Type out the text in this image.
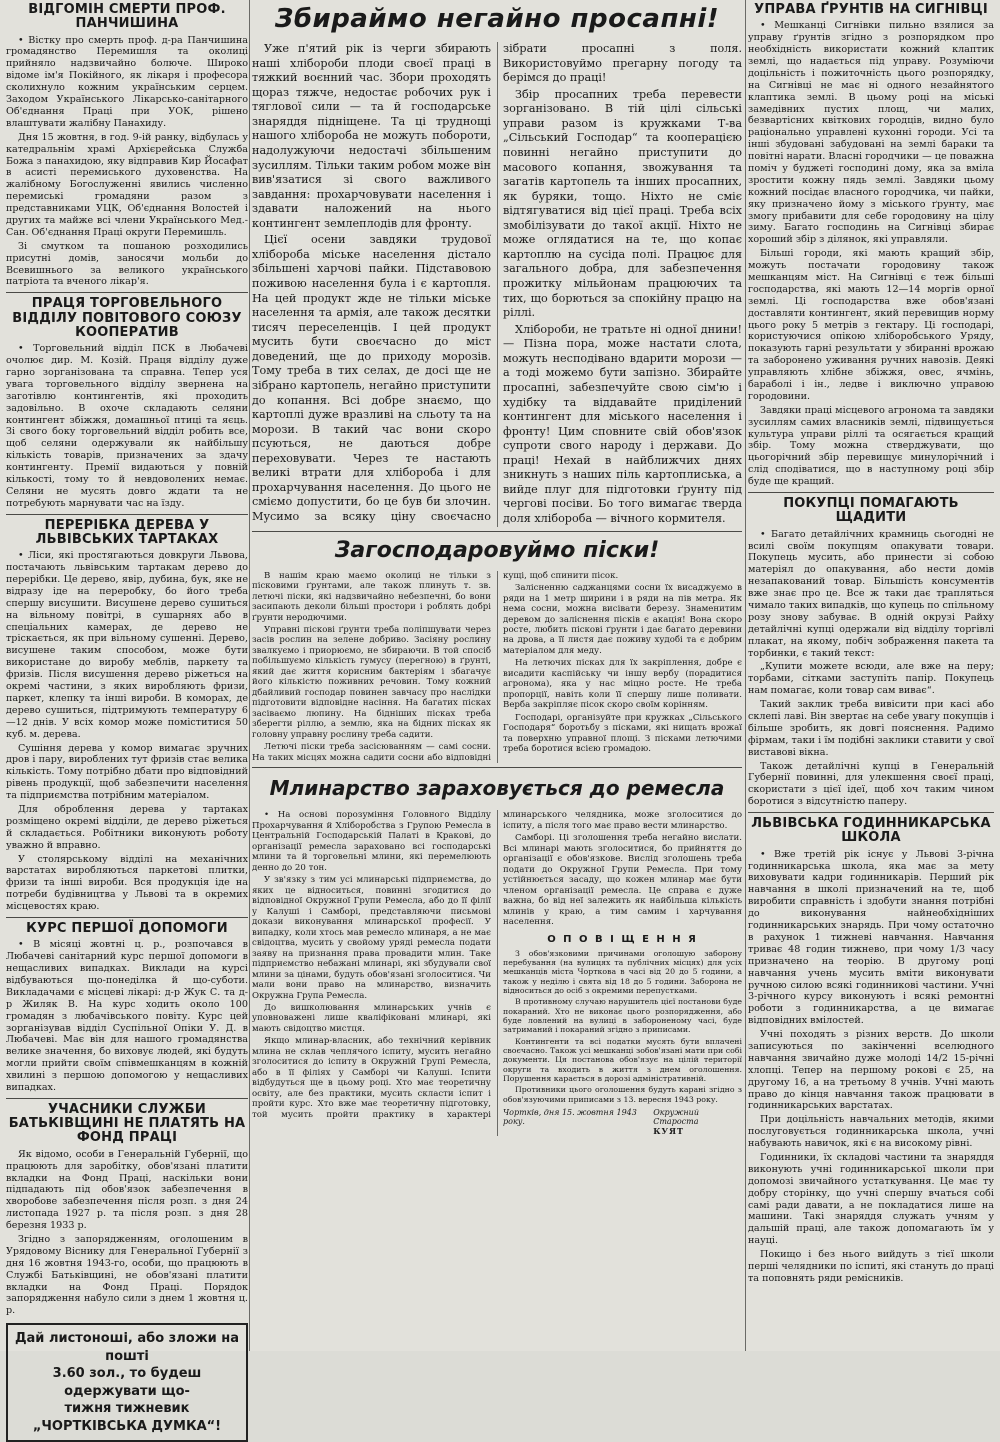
ВІДГОМІН СМЕРТИ ПРОФ. ПАНЧИШИНА

• Вістку про смерть проф. д-ра Панчишина громадянство Перемишля та околиці прийняло надзвичайно болюче. Широко відоме ім'я Покійного, як лікаря і професора сколихнуло кожним українським серцем. Заходом Українського Лікарсько-санітарного Об'єднання Праці при УОК, рішено влаштувати жалібну Панахиду.

Дня 15 жовтня, в год. 9-ій ранку, відбулась у катедральнім храмі Архієрейська Служба Божа з панахидою, яку відправив Кир Йосафат в асисті перемиського духовенства. На жалібному Богослуженні явились численно перемиські громадяни разом з представниками УЦК, Об'єднання Волостей і других та майже всі члени Українського Мед.-Сан. Об'єднання Праці округи Перемишль.

Зі смутком та пошаною розходились присутні домів, заносячи мольби до Всевишнього за великого українського патріота та вченого лікар'я.

ПРАЦЯ ТОРГОВЕЛЬНОГО ВІДДІЛУ ПОВІТОВОГО СОЮЗУ КООПЕРАТИВ

• Торговельний відділ ПСК в Любачеві очолює дир. М. Козій. Праця відділу дуже гарно зорганізована та справна. Тепер уся увага торговельного відділу звернена на заготівлю контингентів, які проходить задовільно. В охоче складають селяни контингент збіжжя, домашньої птиці та яєць. Зі свого боку торговельний відділ робить все, щоб селяни одержували як найбільшу кількість товарів, призначених за здачу контингенту. Премії видаються у повній кількості, тому то й невдоволених немає. Селяни не мусять довго ждати та не потребують марнувати час на їзду.

ПЕРЕРІБКА ДЕРЕВА У ЛЬВІВСЬКИХ ТАРТАКАХ

• Ліси, які простягаються довкруги Львова, постачають львівським тартакам дерево до перерібки. Це дерево, явір, дубина, бук, яке не відразу іде на переробку, бо його треба спершу висушити. Висушене дерево сушиться на вільному повітрі, в сушарнях або в спеціальних камерах, де дерево не тріскається, як при вільному сушенні. Дерево, висушене таким способом, може бути використане до виробу меблів, паркету та фризів. Після висушення дерево ріжеться на окремі частини, з яких виробляють фризи, паркет, клепку та інші вироби. В коморах, де дерево сушиться, підтримують температуру 6—12 днів. У всіх комор може поміститися 50 куб. м. дерева.

Сушіння дерева у комор вимагає зручних дров і пару, вироблених тут фризів стає велика кількість. Тому потрібно дбати про відповідний рівень продукції, щоб забезпечити населення та підприємства потрібним матеріалом.

Для оброблення дерева у тартаках розміщено окремі відділи, де дерево ріжеться й складається. Робітники виконують роботу уважно й вправно.

У столярському відділі на механічних варстатах виробляються паркетові плитки, фризи та інші вироби. Вся продукція іде на потреби будівництва у Львові та в окремих місцевостях краю.

КУРС ПЕРШОЇ ДОПОМОГИ

• В місяці жовтні ц. р., розпочався в Любачеві санітарний курс першої допомоги в нещасливих випадках. Виклади на курсі відбуваються що-понеділка й що-суботи. Викладачами є місцеві лікарі: д-р Жук С. та д-р Жиляк В. На курс ходить около 100 громадян з любачівського повіту. Курс цей зорганізував відділ Суспільної Опіки У. Д. в Любачеві. Має він для нашого громадянства велике значення, бо виховує людей, які будуть могли прийти своїм співмешканцям в кожній хвилині з першою допомогою у нещасливих випадках.

УЧАСНИКИ СЛУЖБИ БАТЬКІВЩИНІ НЕ ПЛАТЯТЬ НА ФОНД ПРАЦІ

Як відомо, особи в Генеральній Губернії, що працюють для заробітку, обов'язані платити вкладки на Фонд Праці, наскільки вони підпадають під обов'язок забезпечення в хворобове забезпечення після розп. з дня 24 листопада 1927 р. та після розп. з дня 28 березня 1933 р.

Згідно з запорядженням, оголошеним в Урядовому Віснику для Генеральної Губернії з дня 16 жовтня 1943-го, особи, що працюють в Службі Батьківщині, не обов'язані платити вкладки на Фонд Праці. Порядок запорядження набуло сили з днем 1 жовтня ц. р.

Дай листоноші, або зложи на пошті
3.60 зол., то будеш одержувати що-
тижня тижневик
„ЧОРТКІВСЬКА ДУМКА“!
Збираймо негайно просапні!

Уже п'ятий рік із черги збирають наші хлібороби плоди своєї праці в тяжкий воєнний час. Збори проходять щораз тяжче, недостає робочих рук і тяглової сили — та й господарське знаряддя підніщене. Та ці труднощі нашого хлібороба не можуть побороти, надолужуючи недостачі збільшеним зусиллям. Тільки таким робом може він вив'язатися зі свого важливого завдання: прохарчовувати населення і здавати наложений на нього контингент землеплодів для фронту.

Цієї осени завдяки трудової хлібороба міське населення дістало збільшені харчові пайки. Підставовою поживою населення була і є картопля. На цей продукт жде не тільки міське населення та армія, але також десятки тисяч переселенців. І цей продукт мусить бути своєчасно до міст доведений, ще до приходу морозів. Тому треба в тих селах, де досі ще не зібрано картопель, негайно приступити до копання. Всі добре знаємо, що картоплі дуже вразливі на сльоту та на морози. В такий час вони скоро псуються, не даються добре переховувати. Через те настають великі втрати для хлібороба і для прохарчування населення. До цього не сміємо допустити, бо це був би злочин. Мусимо за всяку ціну своєчасно зібрати просапні з поля. Використовуймо прегарну погоду та берімся до праці!

Збір просапних треба перевести зорганізовано. В тій цілі сільські управи разом із кружками Т-ва „Сільський Господар“ та кооперацією повинні негайно приступити до масового копання, звожування та загатів картопель та інших просапних, як буряки, тощо. Ніхто не сміє відтягуватися від цієї праці. Треба всіх змобілізувати до такої акції. Ніхто не може оглядатися на те, що копає картоплю на сусіда полі. Працює для загального добра, для забезпечення прожитку мільйонам працюючих та тих, що борються за спокійну працю на ріллі.

Хлібороби, не тратьте ні одної днини! — Пізна пора, може настати слота, можуть несподівано вдарити морози — а тоді можемо бути запізно. Збирайте просапні, забезпечуйте свою сім'ю і худібку та віддавайте приділений контингент для міського населення і фронту! Цим сповните свій обов'язок супроти свого народу і держави. До праці! Нехай в найближчих днях зникнуть з наших піль картоплиська, а вийде плуг для підготовки ґрунту під чергові посіви. Бо того вимагає тверда доля хлібороба — вічного кормителя.

Загосподаровуймо піски!

В нашім краю маємо околиці не тільки з пісковими ґрунтами, але також плинуть т. зв. летючі піски, які надзвичайно небезпечні, бо вони засипають деколи більші простори і роблять добрі ґрунти неродючими.

Управні піскові ґрунти треба поліпшувати через засів рослин на зелене добриво. Засіяну рослину звалкуємо і приорюємо, не збираючи. В той спосіб побільшуємо кількість гумусу (перегною) в ґрунті, який дає життя корисним бактеріям і збагачує його кількістю поживних речовин. Тому кожний дбайливий господар повинен завчасу про наслідки підготовити відповідне насіння. На багатих пісках засіваємо люпину. На бідніших пісках треба зберегти ріллю, а землю, яка на бідних пісках як головну управну рослину треба садити.

Летючі піски треба засісюванням — самі сосни. На таких місцях можна садити сосни або відповідні кущі, щоб спинити пісок.

Залісненню саджанцями сосни їх висаджуємо в ряди на 1 метр ширини і в ряди на пів метра. Як нема сосни, можна висівати березу. Знаменитим деревом до заліснення пісків є акація! Вона скоро росте, любить піскові ґрунти і дає багато деревини на дрова, а її листя дає поживу худобі та є добрим матеріалом для меду.

На летючих пісках для їх закріплення, добре є висадити каспійську чи іншу вербу (порадитися агронома), яка у нас міцно росте. Не треба пропорції, навіть коли її спершу лише поливати. Верба закріпляє пісок скоро своїм корінням.

Господарі, організуйте при кружках „Сільського Господаря“ боротьбу з пісками, які нищать врожаї та поверхню управної площі. З пісками летючими треба боротися всією громадою.

Млинарство зараховується до ремесла

• На основі порозуміння Головного Відділу Прохарчування й Хліборобства з Групою Ремесла в Центральній Господарській Палаті в Кракові, до організації ремесла зараховано всі господарські млини та й торговельні млини, які перемелюють денно до 20 тон.

У зв'язку з тим усі млинарські підприємства, до яких це відноситься, повинні згодитися до відповідної Окружної Групи Ремесла, або до її філії у Калуші і Самборі, представляючи письмові докази виконування млинарської професії. У випадку, коли хтось мав ремесло млинаря, а не має свідоцтва, мусить у свойому уряді ремесла подати заяву на признання права провадити млин. Таке підприємство небажані млинарі, які збудували свої млини за цінами, будуть обов'язані зголоситися. Чи мали вони право на млинарство, визначить Окружна Група Ремесла.

До вишколювання млинарських учнів є уповноважені лише кваліфіковані млинарі, які мають свідоцтво мистця.

Якщо млинар-власник, або технічний керівник млина не склав чеплячого іспиту, мусить негайно зголоситися до іспиту в Окружній Групі Ремесла, або в її філіях у Самборі чи Калуші. Іспити відбудуться ще в цьому році. Хто має теоретичну освіту, але без практики, мусить скласти іспит і пройти курс. Хто вже має теоретичну підготовку, той мусить пройти практику в характері млинарського челядника, може зголоситися до іспиту, а після того має право вести млинарство.

Самборі. Ці зголошення треба негайно вислати. Всі млинарі мають зголоситися, бо прийняття до організації є обов'язкове. Вислід зголошень треба подати до Окружної Групи Ремесла. При тому устійнюється засаду, що кожен млинар має бути членом організації ремесла. Це справа є дуже важна, бо від неї залежить як найбільша кількість млинів у краю, а тим самим і харчування населення.

О П О В І Щ Е Н Н Я

З обов'язковими причинами оголошую заборону перебування (на вулицях та публічних місцях) для усіх мешканців міста Чорткова в часі від 20 до 5 години, а також у неділю і свята від 18 до 5 години. Заборона не відноситься до осіб з окремими перепустками.

В противному случаю нарушитель цієї постанови буде покараний. Хто не виконає цього розпорядження, або буде ловлений на вулиці в забороненому часі, буде затриманий і покараний згідно з приписами.

Контингенти та всі податки мусять бути вплачені своєчасно. Також усі мешканці зобов'язані мати при собі документи. Ця постанова обов'язує на цілій території округи та входить в життя з днем оголошення. Порушення карається в дорозі адміністративній.

Противники цього оголошення будуть карані згідно з обов'язуючими приписами з 13. вересня 1943 року.

Чортків, дня 15. жовтня 1943 року.
Окружний Староста
КУЯТ
УПРАВА ҐРУНТІВ НА СИГНІВЦІ

• Мешканці Сигнівки пильно взялися за управу ґрунтів згідно з розпорядком про необхідність використати кожний клаптик землі, що надається під управу. Розуміючи доцільність і пожиточність цього розпорядку, на Сигнівці не має ні одного незайнятого клаптика землі. В цьому році на міські замедівних пустих площ, чи малих, безвартісних квіткових городців, видно було раціонально управлені кухонні городи. Усі та інші збудовані забудовані на землі бараки та повітні нарати. Власні городчики — це поважна поміч у буджеті господині дому, яка за вміла зростити кожну пядь землі. Завдяки цьому кожний посідає власного городчика, чи пайки, яку призначено йому з міського ґрунту, має змогу прибавити для себе городовину на цілу зиму. Багато господинь на Сигнівці збирає хороший збір з ділянок, які управляли.

Більші городи, які мають кращий збір, можуть постачати городовину також мешканцям міст. На Сигнівці є теж більші господарства, які мають 12—14 моргів орної землі. Ці господарства вже обов'язані доставляти контингент, який перевищив норму цього року 5 метрів з гектару. Ці господарі, користуючися опікою хліборобського Уряду, показують гарні результати у збиранні врожаю та заборонено уживання ручних навозів. Деякі управляють хлібне збіжжя, овес, ячмінь, бараболі і ін., ледве і виключно управою городовини.

Завдяки праці місцевого агронома та завдяки зусиллям самих власників землі, підвищується культура управи ріллі та осягається кращий збір. Тому можна стверджувати, що цьогорічний збір перевищує минулорічний і слід сподіватися, що в наступному році збір буде ще кращий.

ПОКУПЦІ ПОМАГАЮТЬ ЩАДИТИ

• Багато детайлічних крамниць сьогодні не всилі своїм покупцям опакувати товари. Покупець мусить, або принести зі собою матеріял до опакування, або нести домів незапакований товар. Більшість консументів вже знає про це. Все ж таки дає трапляться чимало таких випадків, що купець по спільному розу знову забуває. В одній окрузі Райху детайлічні купці одержали від відділу торгівлі плакат, на якому, побіч зображення пакета та торбинки, є такий текст:

„Купити можете всюди, але вже на перу; торбами, сітками заступіть папір. Покупець нам помагає, коли товар сам виває“.

Такий заклик треба вивісити при касі або склепі лаві. Він звертає на себе увагу покупців і більше зробить, як довгі пояснення. Радимо фірмам, таки і їм подібні заклики ставити у свої виставові вікна.

Також детайлічні купці в Генеральній Губернії повинні, для улекшення своєї праці, скористати з цієї ідеї, щоб хоч таким чином боротися з відсутністю паперу.

ЛЬВІВСЬКА ГОДИННИКАРСЬКА ШКОЛА

• Вже третій рік існує у Львові 3-річна годинникарська школа, яка має за мету виховувати кадри годинникарів. Перший рік навчання в школі призначений на те, щоб виробити справність і здобути знання потрібні до виконування найнеобхідніших годинникарських знарядь. При чому остаточно в рахунок 1 тижневі навчання. Навчання триває 48 годин тижнево, при чому 1/3 часу призначено на теорію. В другому році навчання учень мусить вміти виконувати ручною силою всякі годинникові частини. Учні 3-річного курсу виконують і всякі ремонтні роботи з годинникарства, а це вимагає відповідних вмілостей.

Учні походять з різних верств. До школи записуються по закінченні вселюдного навчання звичайно дуже молоді 14/2 15-річні хлопці. Тепер на першому рокові є 25, на другому 16, а на третьому 8 учнів. Учні мають право до кінця навчання також працювати в годинникарських варстатах.

При доцільність навчальних методів, якими послуговується годинникарська школа, учні набувають навичок, які є на високому рівні.

Годинники, їх складові частини та знаряддя виконують учні годинникарської школи при допомозі звичайного устаткування. Це має ту добру сторінку, що учні спершу вчаться собі самі ради давати, а не покладатися лише на машини. Такі знаряддя служать учням у дальшій праці, але також допомагають їм у науці.

Покищо і без нього вийдуть з тієї школи перші челядники по іспиті, які стануть до праці та поповнять ряди ремісників.
